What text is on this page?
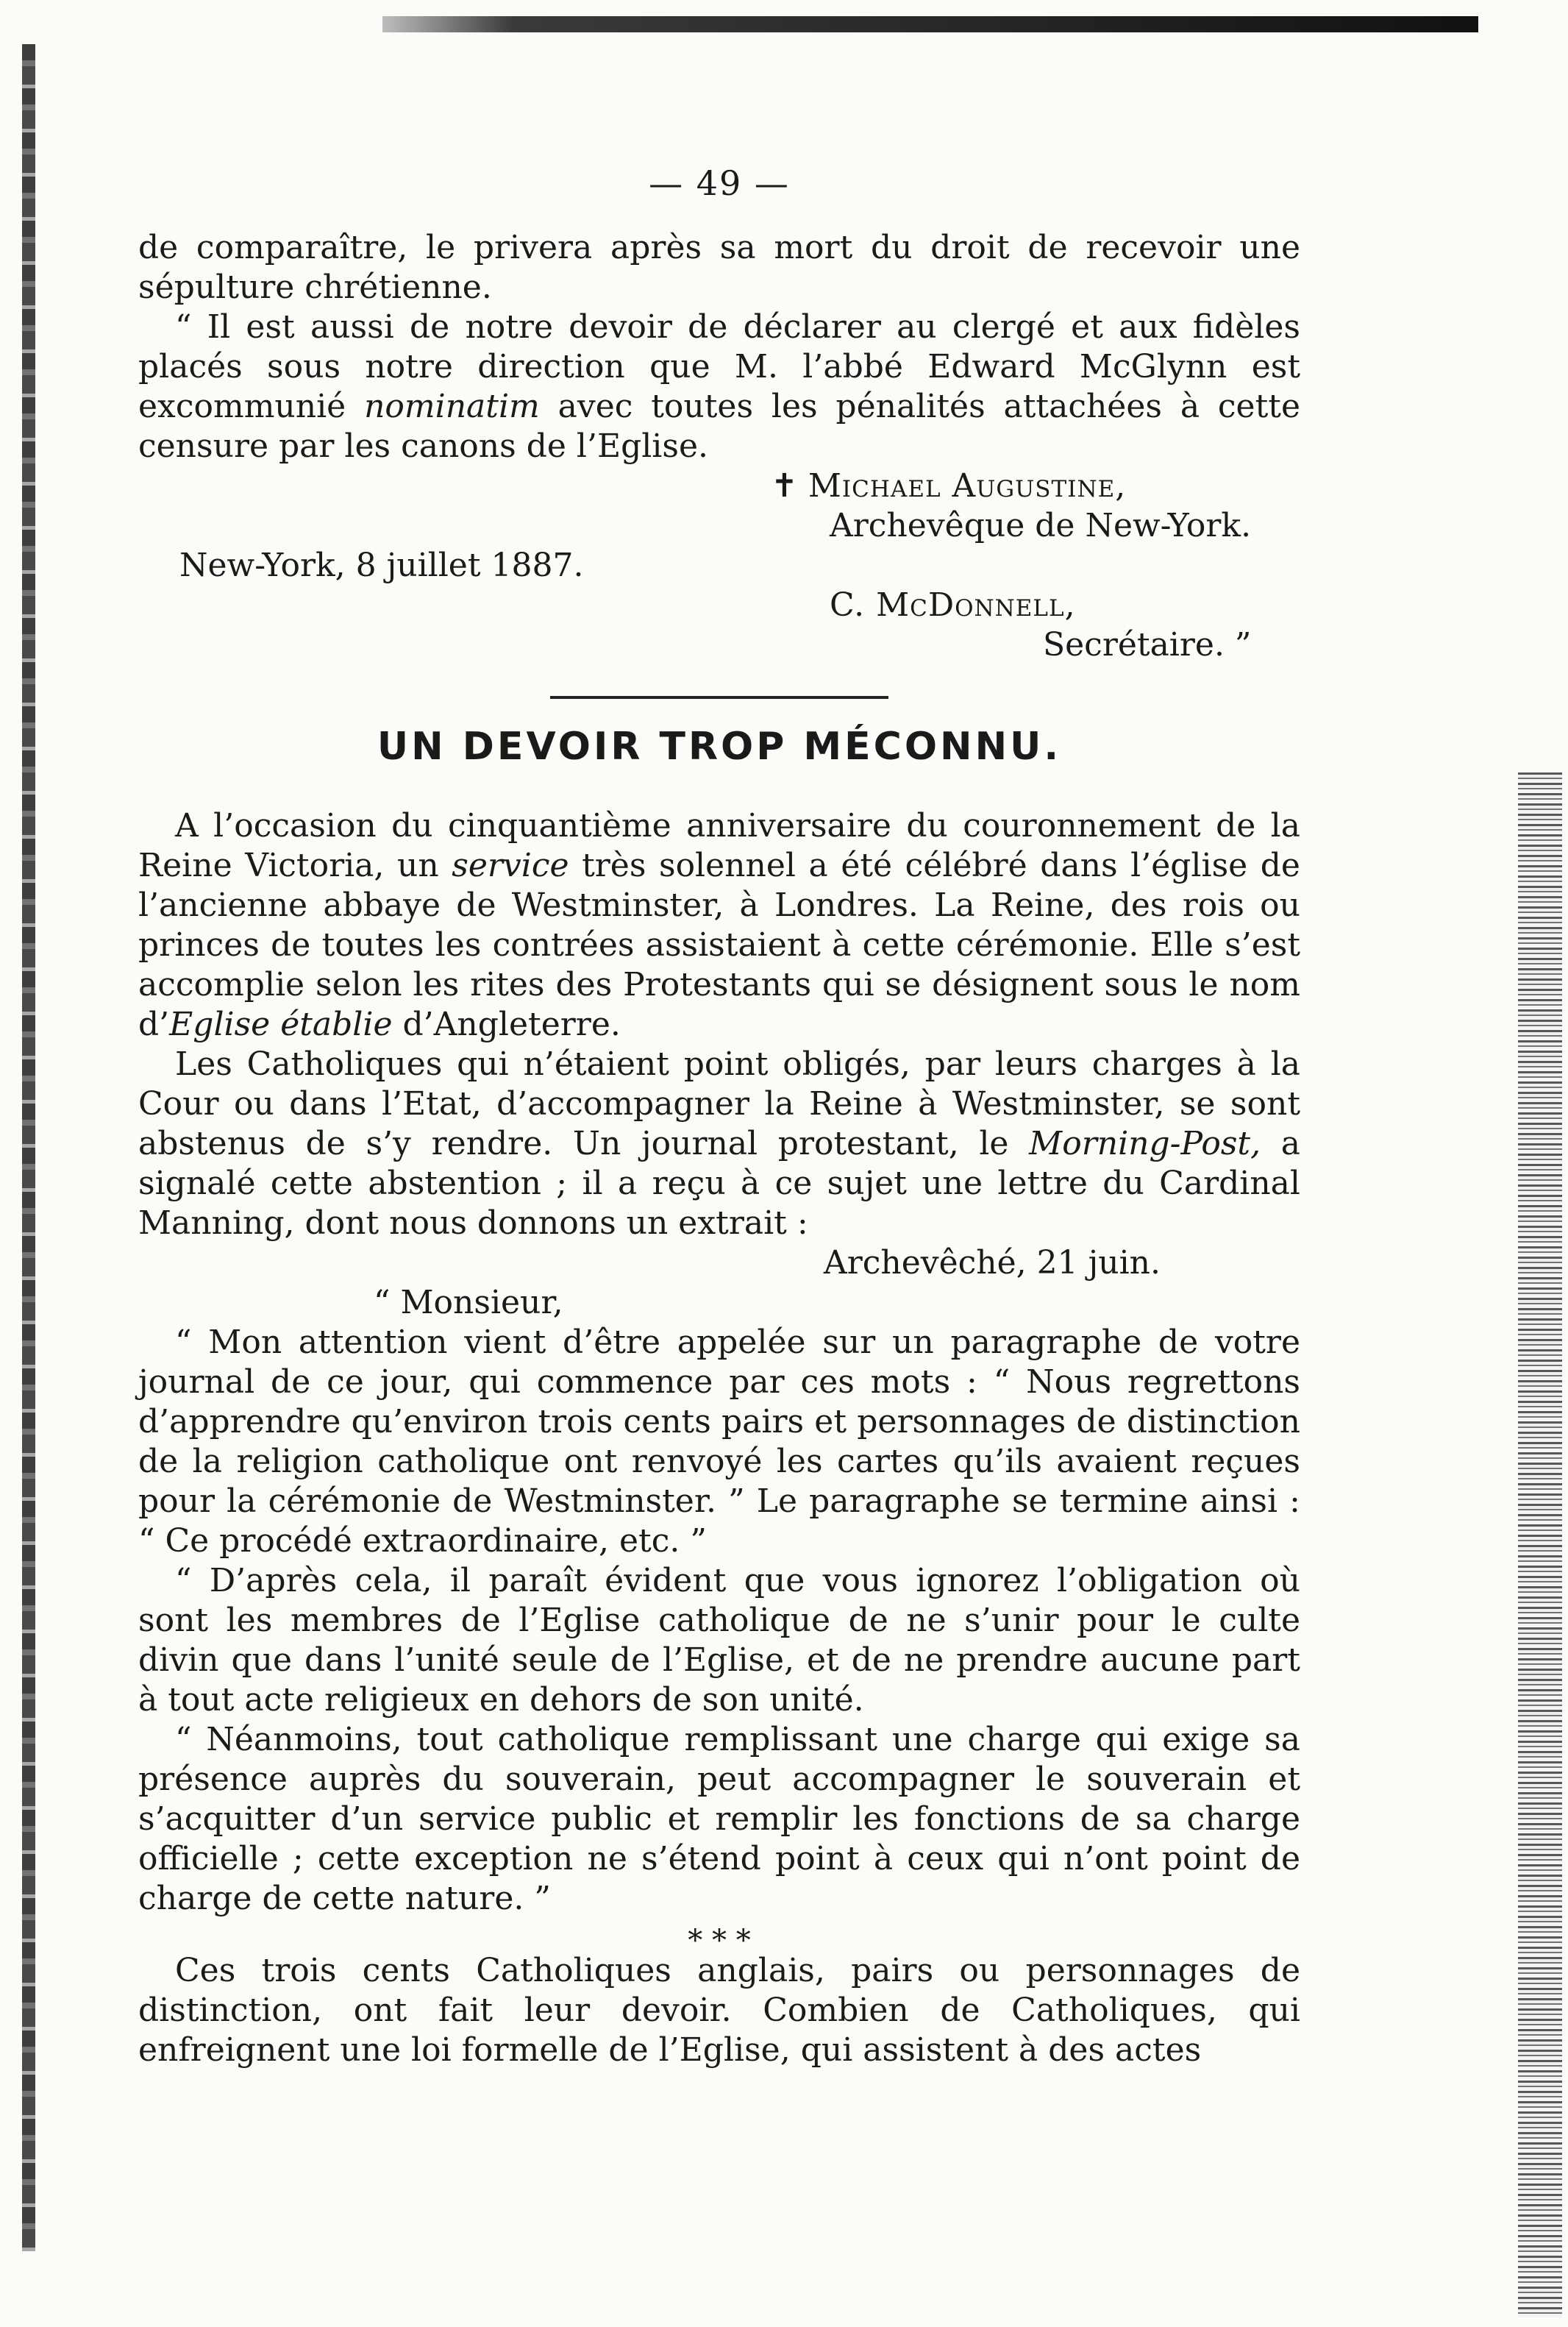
— 49 —

de comparaître, le privera après sa mort du droit de recevoir une sépulture chrétienne.

“ Il est aussi de notre devoir de déclarer au clergé et aux fidèles placés sous notre direction que M. l’abbé Edward McGlynn est excommunié nominatim avec toutes les pénalités attachées à cette censure par les canons de l’Eglise.

✝ Michael Augustine,
Archevêque de New-York.
New-York, 8 juillet 1887.
C. McDonnell,
Secrétaire. ”
UN DEVOIR TROP MÉCONNU.

A l’occasion du cinquantième anniversaire du couronnement de la Reine Victoria, un service très solennel a été célébré dans l’église de l’ancienne abbaye de Westminster, à Londres. La Reine, des rois ou princes de toutes les contrées assistaient à cette cérémonie. Elle s’est accomplie selon les rites des Protestants qui se désignent sous le nom d’Eglise établie d’Angleterre.

Les Catholiques qui n’étaient point obligés, par leurs charges à la Cour ou dans l’Etat, d’accompagner la Reine à Westminster, se sont abstenus de s’y rendre. Un journal protestant, le Morning-Post, a signalé cette abstention ; il a reçu à ce sujet une lettre du Cardinal Manning, dont nous donnons un extrait :

Archevêché, 21 juin.
“ Monsieur,

“ Mon attention vient d’être appelée sur un paragraphe de votre journal de ce jour, qui commence par ces mots : “ Nous regrettons d’apprendre qu’environ trois cents pairs et personnages de distinction de la religion catholique ont renvoyé les cartes qu’ils avaient reçues pour la cérémonie de Westminster. ” Le paragraphe se termine ainsi : “ Ce procédé extraordinaire, etc. ”

“ D’après cela, il paraît évident que vous ignorez l’obligation où sont les membres de l’Eglise catholique de ne s’unir pour le culte divin que dans l’unité seule de l’Eglise, et de ne prendre aucune part à tout acte religieux en dehors de son unité.

“ Néanmoins, tout catholique remplissant une charge qui exige sa présence auprès du souverain, peut accompagner le souverain et s’acquitter d’un service public et remplir les fonctions de sa charge officielle ; cette exception ne s’étend point à ceux qui n’ont point de charge de cette nature. ”

* * *

Ces trois cents Catholiques anglais, pairs ou personnages de distinction, ont fait leur devoir. Combien de Catholiques, qui enfreignent une loi formelle de l’Eglise, qui assistent à des actes
